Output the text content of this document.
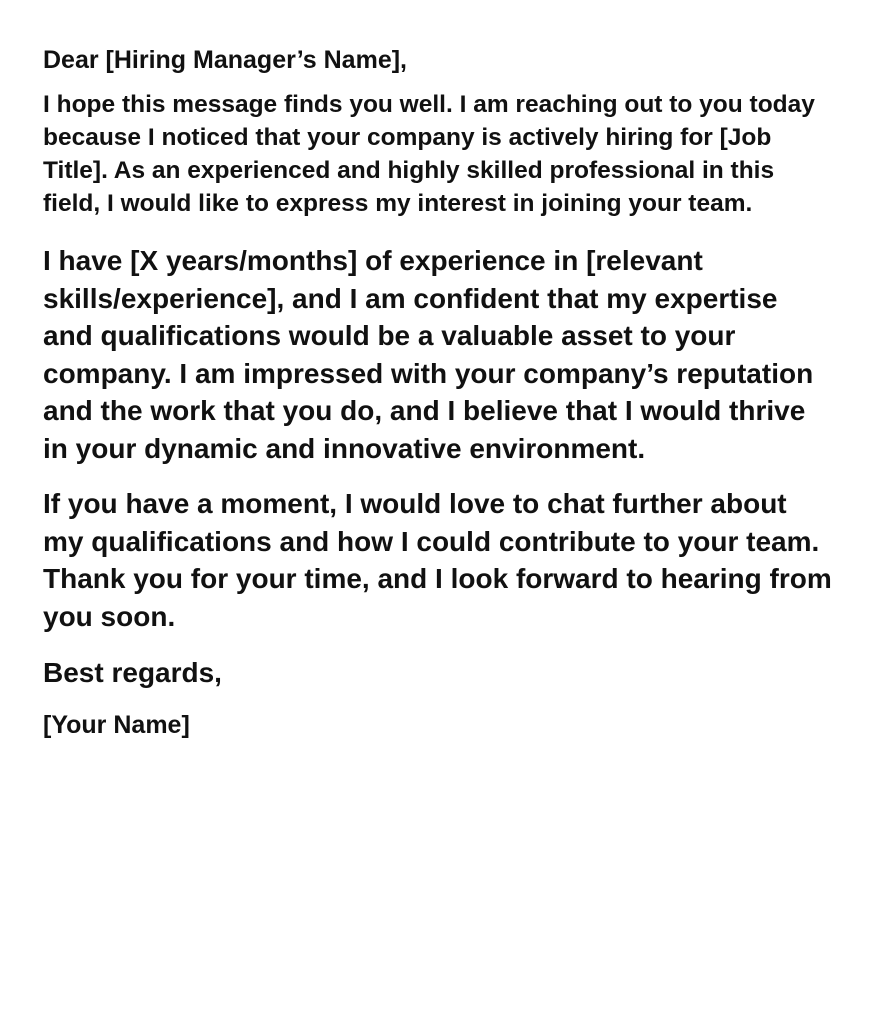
Dear [Hiring Manager’s Name],

I hope this message finds you well. I am reaching out to you today because I noticed that your company is actively hiring for [Job Title]. As an experienced and highly skilled professional in this field, I would like to express my interest in joining your team.

I have [X years/months] of experience in [relevant skills/experience], and I am confident that my expertise and qualifications would be a valuable asset to your company. I am impressed with your company’s reputation and the work that you do, and I believe that I would thrive in your dynamic and innovative environment.

If you have a moment, I would love to chat further about my qualifications and how I could contribute to your team. Thank you for your time, and I look forward to hearing from you soon.

Best regards,

[Your Name]
